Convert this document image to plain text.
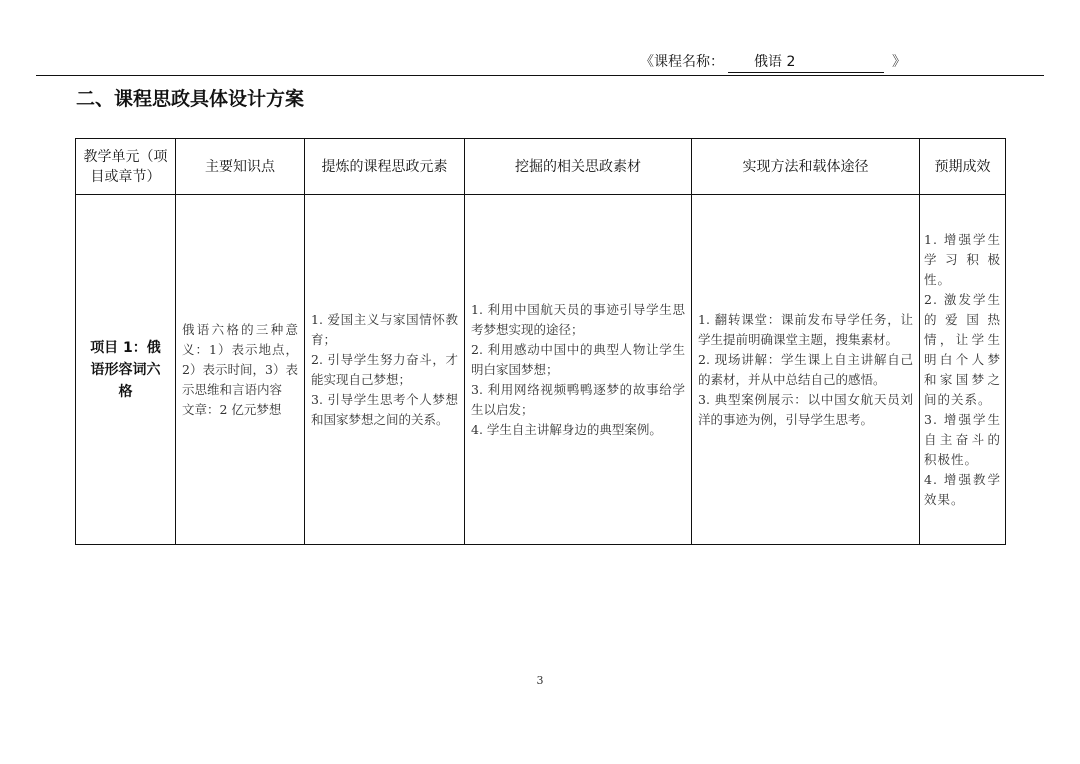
《课程名称： 俄语 2	》
二、课程思政具体设计方案
教学单元（项目或章节）	主要知识点	提炼的课程思政元素	挖掘的相关思政素材	实现方法和载体途径	预期成效
项目 1：俄语形容词六格	俄语六格的三种意义：1）表示地点，2）表示时间，3）表示思维和言语内容
文章：2 亿元梦想	1. 爱国主义与家国情怀教育；
2. 引导学生努力奋斗，才能实现自己梦想；
3. 引导学生思考个人梦想和国家梦想之间的关系。	1. 利用中国航天员的事迹引导学生思考梦想实现的途径；
2. 利用感动中国中的典型人物让学生明白家国梦想；
3. 利用网络视频鸭鸭逐梦的故事给学生以启发；
4. 学生自主讲解身边的典型案例。	1. 翻转课堂：课前发布导学任务，让学生提前明确课堂主题，搜集素材。
2. 现场讲解：学生课上自主讲解自己的素材，并从中总结自己的感悟。
3. 典型案例展示：以中国女航天员刘洋的事迹为例，引导学生思考。	1. 增强学生学习积极性。
2. 激发学生的爱国热情，让学生明白个人梦和家国梦之间的关系。
3. 增强学生自主奋斗的积极性。
4. 增强教学效果。
3
